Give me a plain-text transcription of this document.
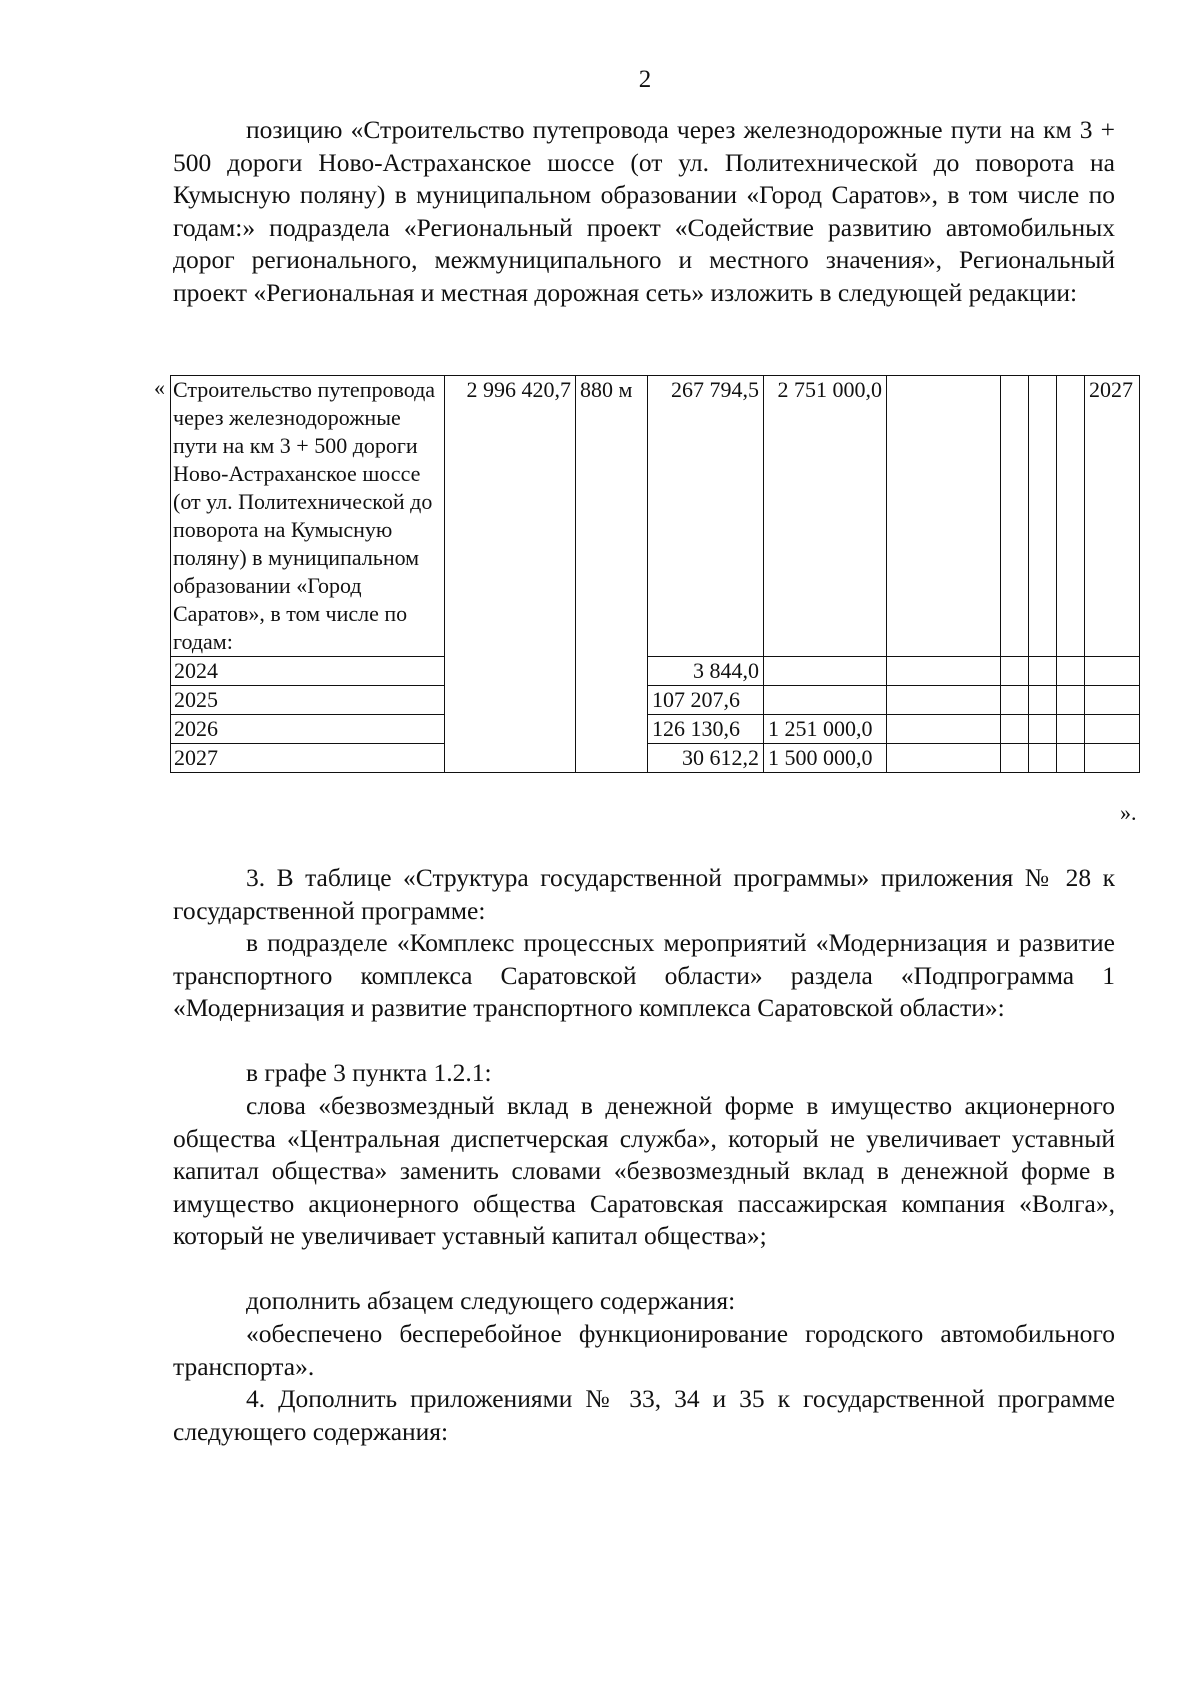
2

позицию «Строительство путепровода через железнодорожные пути на км 3 + 500 дороги Ново-Астраханское шоссе (от ул. Политехнической до поворота на Кумысную поляну) в муниципальном образовании «Город Саратов», в том числе по годам:» подраздела «Региональный проект «Содействие развитию автомобильных дорог регионального, межмуниципального и местного значения», Региональный проект «Региональная и местная дорожная сеть» изложить в следующей редакции:

« Строительство путепровода через железнодорожные пути на км 3 + 500 дороги Ново-Астраханское шоссе (от ул. Политехнической до поворота на Кумысную поляну) в муниципальном образовании «Город Саратов», в том числе по годам:	2 996 420,7	880 м	267 794,5	2 751 000,0					2027
2024			3 844,0						
2025			107 207,6						
2026			126 130,6	1 251 000,0					
2027			30 612,2	1 500 000,0					
».

3. В таблице «Структура государственной программы» приложения № 28 к государственной программе:

в подразделе «Комплекс процессных мероприятий «Модернизация и развитие транспортного комплекса Саратовской области» раздела «Подпрограмма 1 «Модернизация и развитие транспортного комплекса Саратовской области»:

в графе 3 пункта 1.2.1:

слова «безвозмездный вклад в денежной форме в имущество акционерного общества «Центральная диспетчерская служба», который не увеличивает уставный капитал общества» заменить словами «безвозмездный вклад в денежной форме в имущество акционерного общества Саратовская пассажирская компания «Волга», который не увеличивает уставный капитал общества»;

дополнить абзацем следующего содержания:

«обеспечено бесперебойное функционирование городского автомобильного транспорта».

4. Дополнить приложениями № 33, 34 и 35 к государственной программе следующего содержания:
